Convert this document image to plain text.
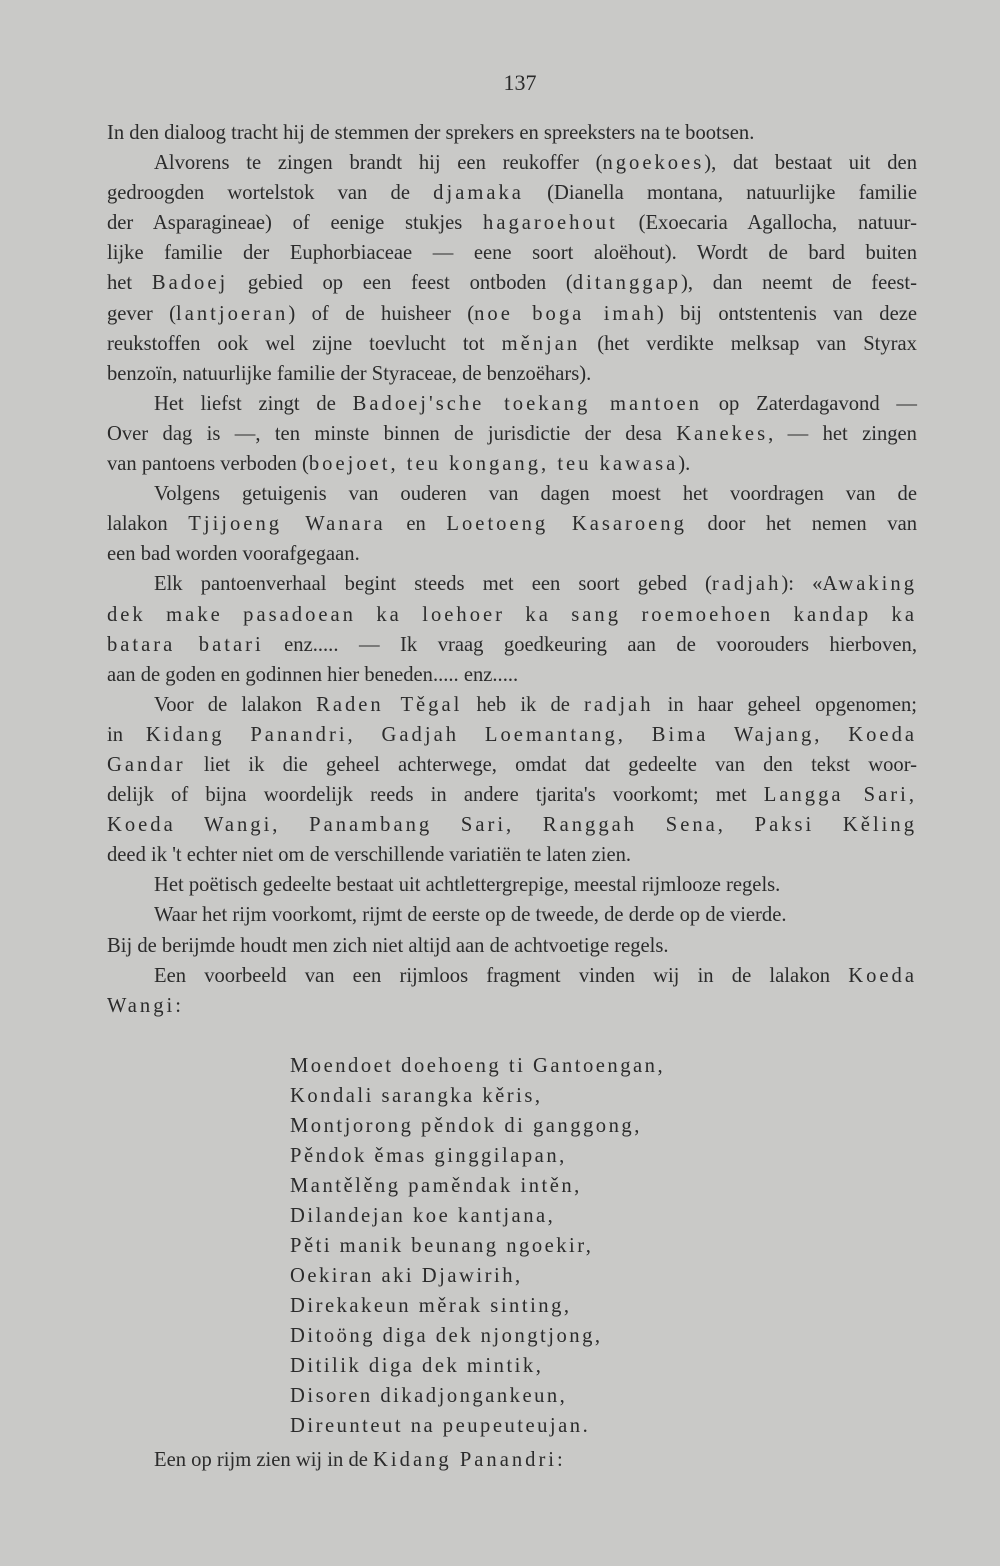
137
In den dialoog tracht hij de stemmen der sprekers en spreeksters na te bootsen.
Alvorens te zingen brandt hij een reukoffer (ngoekoes), dat bestaat uit den
gedroogden wortelstok van de djamaka (Dianella montana, natuurlijke familie
der Asparagineae) of eenige stukjes hagaroehout (Exoecaria Agallocha, natuur-
lijke familie der Euphorbiaceae — eene soort aloëhout). Wordt de bard buiten
het Badoej gebied op een feest ontboden (ditanggap), dan neemt de feest-
gever (lantjoeran) of de huisheer (noe boga imah) bij ontstentenis van deze
reukstoffen ook wel zijne toevlucht tot měnjan (het verdikte melksap van Styrax
benzoïn, natuurlijke familie der Styraceae, de benzoëhars).
Het liefst zingt de Badoej'sche toekang mantoen op Zaterdagavond —
Over dag is —, ten minste binnen de jurisdictie der desa Kanekes, — het zingen
van pantoens verboden (boejoet, teu kongang, teu kawasa).
Volgens getuigenis van ouderen van dagen moest het voordragen van de
lalakon Tjijoeng Wanara en Loetoeng Kasaroeng door het nemen van
een bad worden voorafgegaan.
Elk pantoenverhaal begint steeds met een soort gebed (radjah): «Awaking
dek make pasadoean ka loehoer ka sang roemoehoen kandap ka
batara batari enz..... — Ik vraag goedkeuring aan de voorouders hierboven,
aan de goden en godinnen hier beneden..... enz.....
Voor de lalakon Raden Těgal heb ik de radjah in haar geheel opgenomen;
in Kidang Panandri, Gadjah Loemantang, Bima Wajang, Koeda
Gandar liet ik die geheel achterwege, omdat dat gedeelte van den tekst woor-
delijk of bijna woordelijk reeds in andere tjarita's voorkomt; met Langga Sari,
Koeda Wangi, Panambang Sari, Ranggah Sena, Paksi Kěling
deed ik 't echter niet om de verschillende variatiën te laten zien.
Het poëtisch gedeelte bestaat uit achtlettergrepige, meestal rijmlooze regels.
Waar het rijm voorkomt, rijmt de eerste op de tweede, de derde op de vierde.
Bij de berijmde houdt men zich niet altijd aan de achtvoetige regels.
Een voorbeeld van een rijmloos fragment vinden wij in de lalakon Koeda
Wangi:
Moendoet doehoeng ti Gantoengan,
Kondali sarangka kěris,
Montjorong pěndok di ganggong,
Pěndok ěmas ginggilapan,
Mantělěng paměndak intěn,
Dilandejan koe kantjana,
Pěti manik beunang ngoekir,
Oekiran aki Djawirih,
Direkakeun měrak sinting,
Ditoöng diga dek njongtjong,
Ditilik diga dek mintik,
Disoren dikadjongankeun,
Direunteut na peupeuteujan.
Een op rijm zien wij in de Kidang Panandri:
